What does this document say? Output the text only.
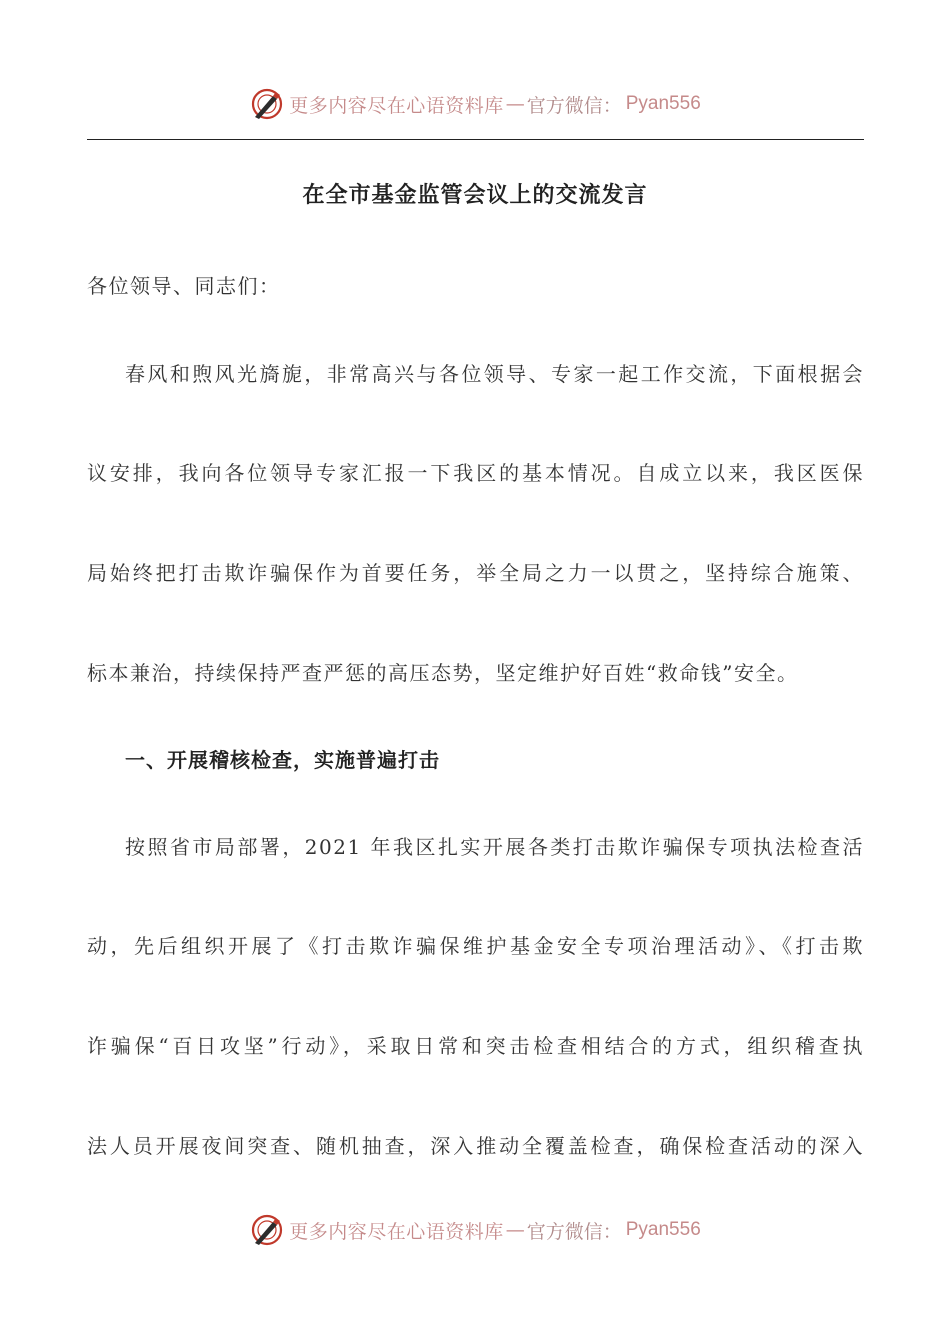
更多内容尽在心语资料库 — 官方微信： Pyan556
在全市基金监管会议上的交流发言
各位领导、同志们：
春风和煦风光旖旎，非常高兴与各位领导、专家一起工作交流，下面根据会
议安排，我向各位领导专家汇报一下我区的基本情况。自成立以来，我区医保
局始终把打击欺诈骗保作为首要任务，举全局之力一以贯之，坚持综合施策、
标本兼治，持续保持严查严惩的高压态势，坚定维护好百姓“救命钱”安全。
一、开展稽核检查，实施普遍打击
按照省市局部署，2021 年我区扎实开展各类打击欺诈骗保专项执法检查活
动，先后组织开展了《打击欺诈骗保维护基金安全专项治理活动》、《打击欺
诈骗保“百日攻坚”行动》，采取日常和突击检查相结合的方式，组织稽查执
法人员开展夜间突查、随机抽查，深入推动全覆盖检查，确保检查活动的深入
更多内容尽在心语资料库 — 官方微信： Pyan556
